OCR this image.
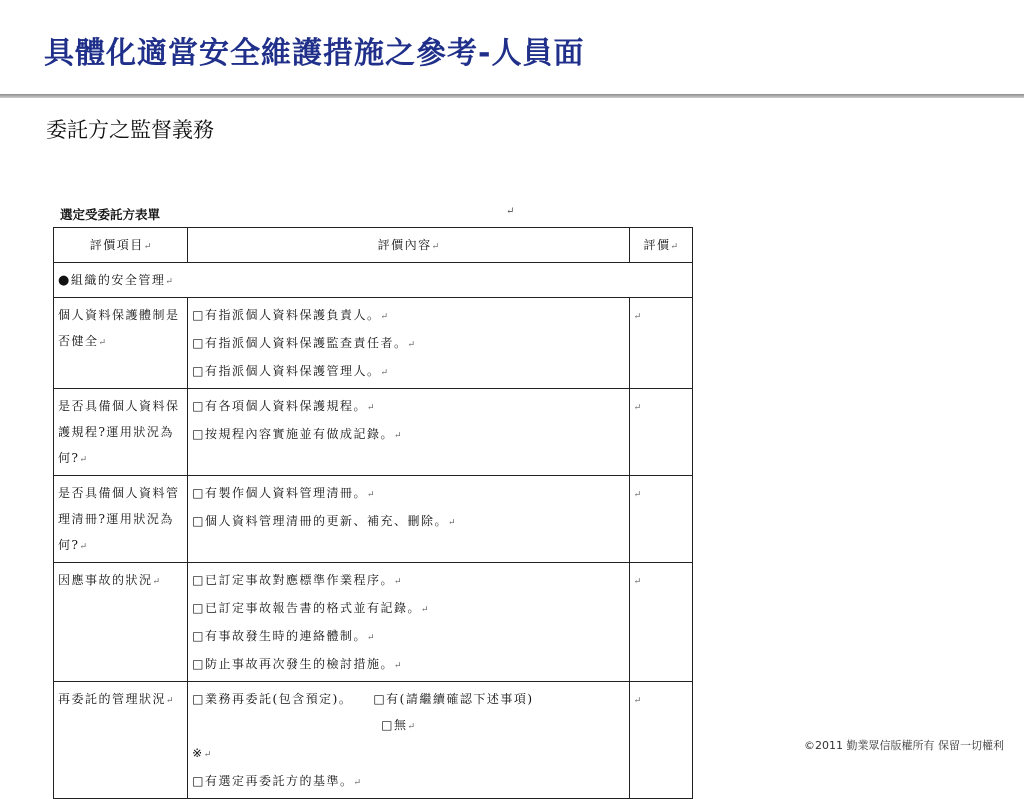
具體化適當安全維護措施之參考-人員面
委託方之監督義務
選定受委託方表單	↵
評價項目↵	評價內容↵	評價↵
●組織的安全管理↵		
個人資料保護體制是否健全↵	□有指派個人資料保護負責人。↵
□有指派個人資料保護監查責任者。↵
□有指派個人資料保護管理人。↵	↵
是否具備個人資料保護規程?運用狀況為何?↵	□有各項個人資料保護規程。↵
□按規程內容實施並有做成記錄。↵	↵
是否具備個人資料管理清冊?運用狀況為何?↵	□有製作個人資料管理清冊。↵
□個人資料管理清冊的更新、補充、刪除。↵	↵
因應事故的狀況↵	□已訂定事故對應標準作業程序。↵
□已訂定事故報告書的格式並有記錄。↵
□有事故發生時的連絡體制。↵
□防止事故再次發生的檢討措施。↵	↵
再委託的管理狀況↵	□業務再委託(包含預定)。　　□有(請繼續確認下述事項)
　　　　　　　　　　　　　　□無↵
※↵
□有選定再委託方的基準。↵	↵
©2011 勤業眾信版權所有 保留一切權利
